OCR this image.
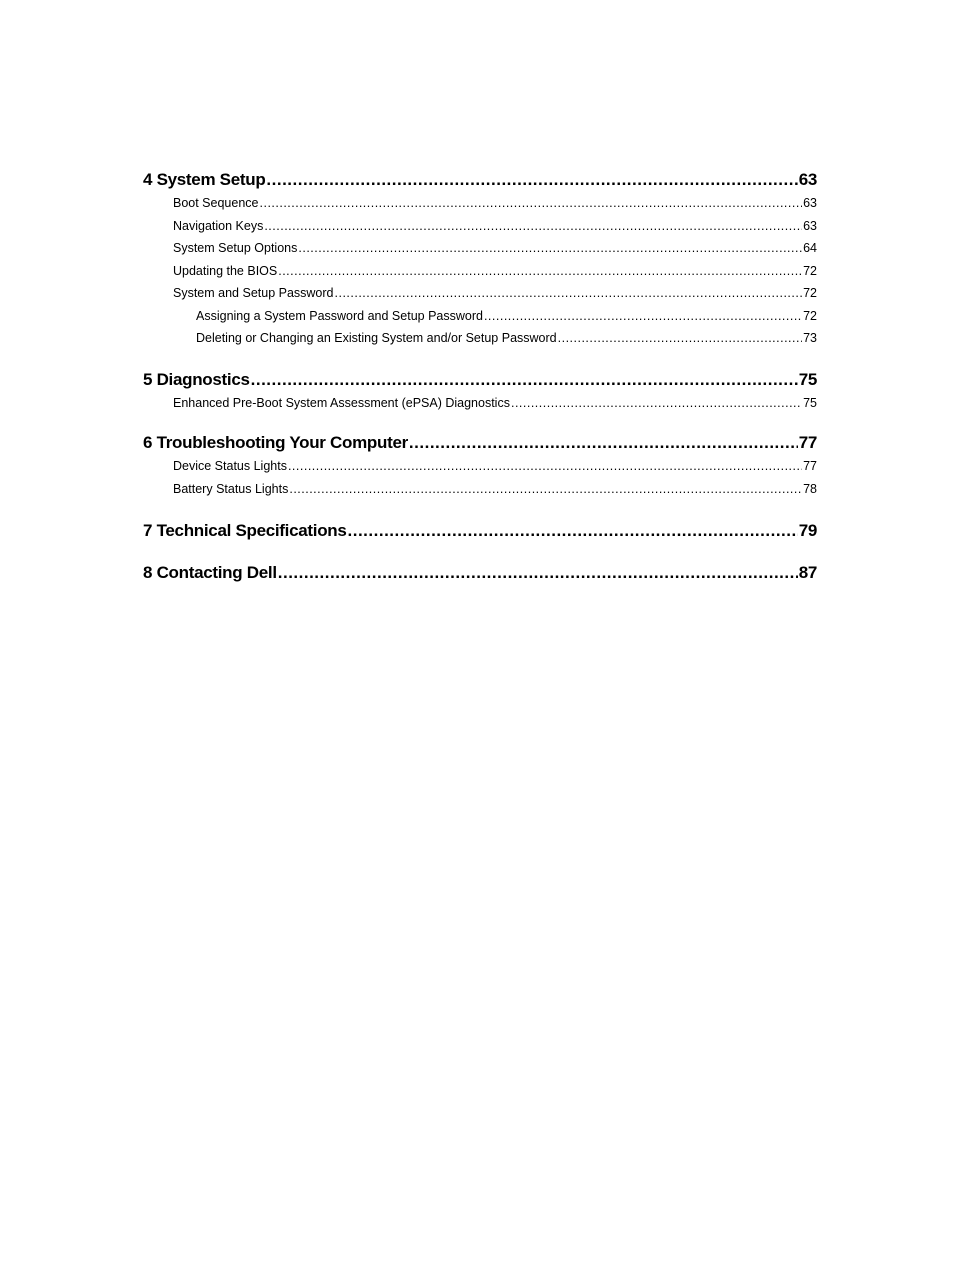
4 System Setup .....	63
Boot Sequence .....	63
Navigation Keys .....	63
System Setup Options .....	64
Updating the BIOS .....	72
System and Setup Password .....	72
Assigning a System Password and Setup Password .....	72
Deleting or Changing an Existing System and/or Setup Password .....	73
5 Diagnostics .....	75
Enhanced Pre-Boot System Assessment (ePSA) Diagnostics .....	75
6 Troubleshooting Your Computer .....	77
Device Status Lights .....	77
Battery Status Lights .....	78
7 Technical Specifications .....	79
8 Contacting Dell .....	87
